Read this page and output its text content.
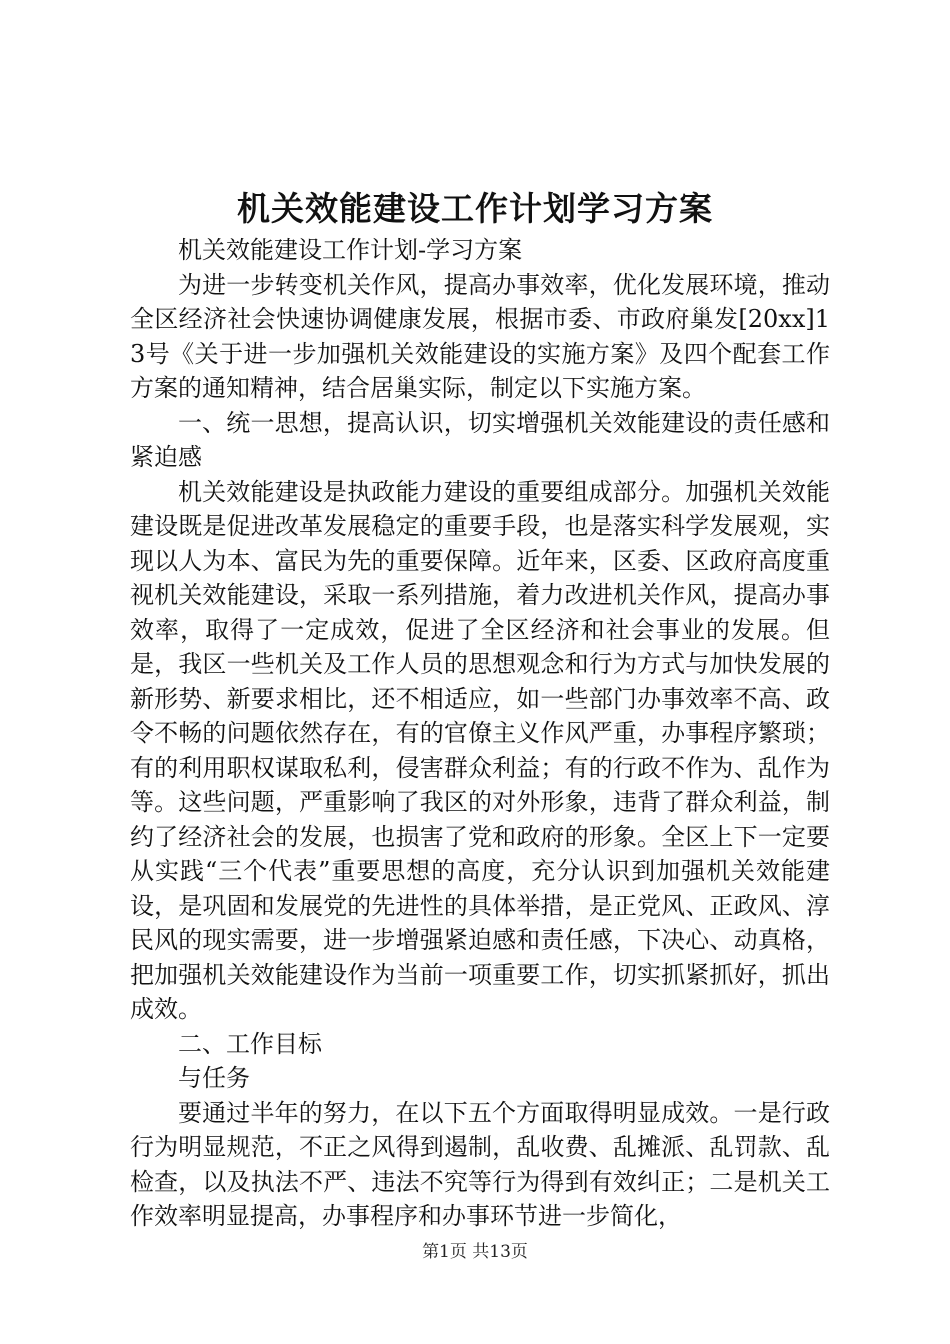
机关效能建设工作计划学习方案

机关效能建设工作计划-学习方案

为进一步转变机关作风，提高办事效率，优化发展环境，推动全区经济社会快速协调健康发展，根据市委、市政府巢发[20xx]13号《关于进一步加强机关效能建设的实施方案》及四个配套工作方案的通知精神，结合居巢实际，制定以下实施方案。

一、统一思想，提高认识，切实增强机关效能建设的责任感和紧迫感

机关效能建设是执政能力建设的重要组成部分。加强机关效能建设既是促进改革发展稳定的重要手段，也是落实科学发展观，实现以人为本、富民为先的重要保障。近年来，区委、区政府高度重视机关效能建设，采取一系列措施，着力改进机关作风，提高办事效率，取得了一定成效，促进了全区经济和社会事业的发展。但是，我区一些机关及工作人员的思想观念和行为方式与加快发展的新形势、新要求相比，还不相适应，如一些部门办事效率不高、政令不畅的问题依然存在，有的官僚主义作风严重，办事程序繁琐；有的利用职权谋取私利，侵害群众利益；有的行政不作为、乱作为等。这些问题，严重影响了我区的对外形象，违背了群众利益，制约了经济社会的发展，也损害了党和政府的形象。全区上下一定要从实践“三个代表”重要思想的高度，充分认识到加强机关效能建设，是巩固和发展党的先进性的具体举措，是正党风、正政风、淳民风的现实需要，进一步增强紧迫感和责任感，下决心、动真格，把加强机关效能建设作为当前一项重要工作，切实抓紧抓好，抓出成效。

二、工作目标

与任务

要通过半年的努力，在以下五个方面取得明显成效。一是行政行为明显规范，不正之风得到遏制，乱收费、乱摊派、乱罚款、乱检查，以及执法不严、违法不究等行为得到有效纠正；二是机关工作效率明显提高，办事程序和办事环节进一步简化，

第1页 共13页
